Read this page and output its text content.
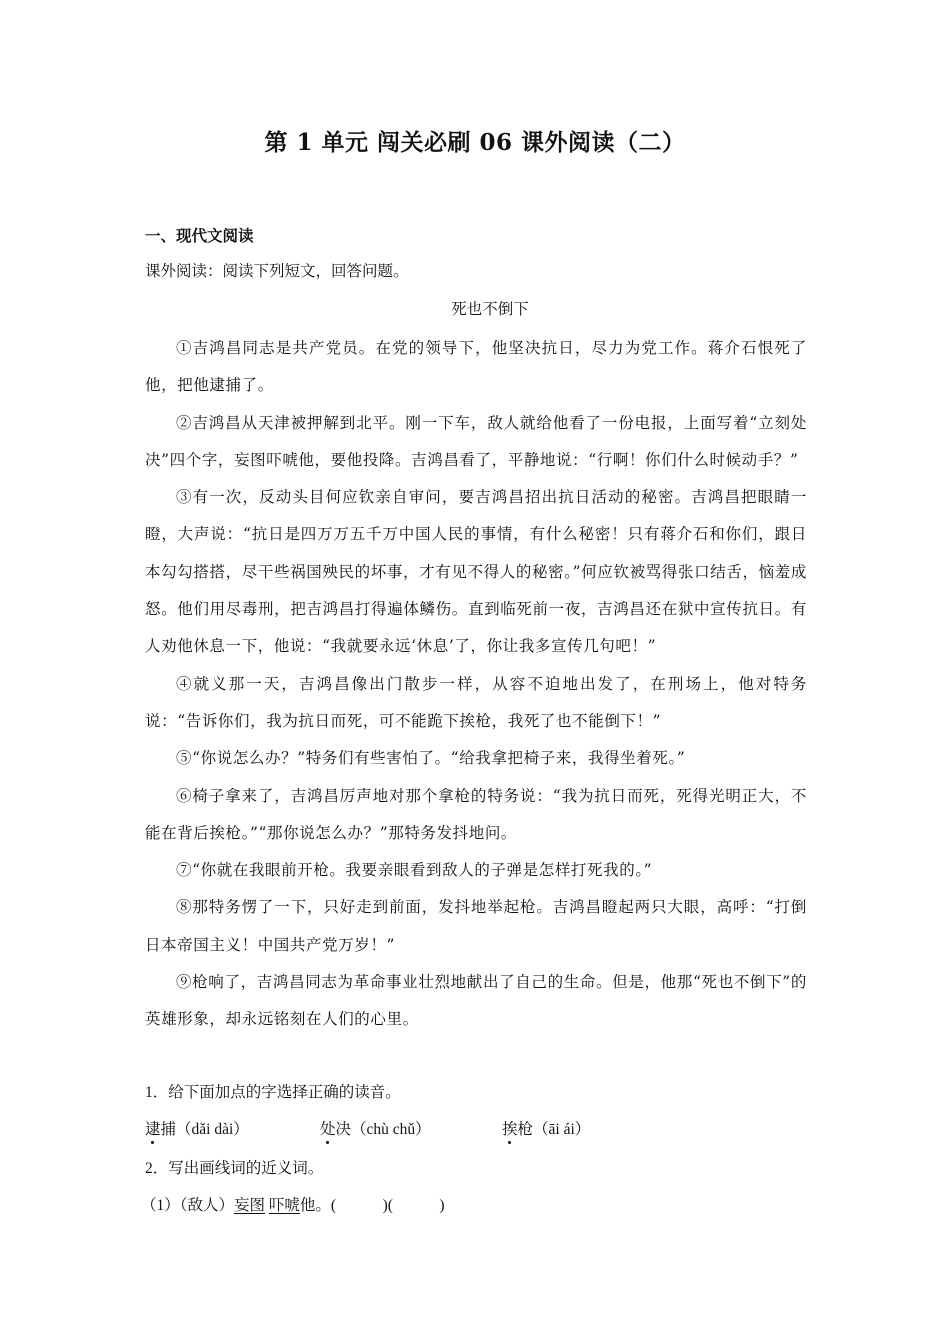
第 1 单元 闯关必刷 06 课外阅读（二）
一、现代文阅读
课外阅读：阅读下列短文，回答问题。
死也不倒下

①吉鸿昌同志是共产党员。在党的领导下，他坚决抗日，尽力为党工作。蒋介石恨死了他，把他逮捕了。

②吉鸿昌从天津被押解到北平。刚一下车，敌人就给他看了一份电报，上面写着“立刻处决”四个字，妄图吓唬他，要他投降。吉鸿昌看了，平静地说：“行啊！你们什么时候动手？”

③有一次，反动头目何应钦亲自审问，要吉鸿昌招出抗日活动的秘密。吉鸿昌把眼睛一瞪，大声说：“抗日是四万万五千万中国人民的事情，有什么秘密！只有蒋介石和你们，跟日本勾勾搭搭，尽干些祸国殃民的坏事，才有见不得人的秘密。”何应钦被骂得张口结舌，恼羞成怒。他们用尽毒刑，把吉鸿昌打得遍体鳞伤。直到临死前一夜，吉鸿昌还在狱中宣传抗日。有人劝他休息一下，他说：“我就要永远‘休息’了，你让我多宣传几句吧！”

④就义那一天，吉鸿昌像出门散步一样，从容不迫地出发了，在刑场上，他对特务说：“告诉你们，我为抗日而死，可不能跪下挨枪，我死了也不能倒下！”

⑤“你说怎么办？”特务们有些害怕了。“给我拿把椅子来，我得坐着死。”

⑥椅子拿来了，吉鸿昌厉声地对那个拿枪的特务说：“我为抗日而死，死得光明正大，不能在背后挨枪。”“那你说怎么办？”那特务发抖地问。

⑦“你就在我眼前开枪。我要亲眼看到敌人的子弹是怎样打死我的。”

⑧那特务愣了一下，只好走到前面，发抖地举起枪。吉鸿昌瞪起两只大眼，高呼：“打倒日本帝国主义！中国共产党万岁！”

⑨枪响了，吉鸿昌同志为革命事业壮烈地献出了自己的生命。但是，他那“死也不倒下”的英雄形象，却永远铭刻在人们的心里。

1．给下面加点的字选择正确的读音。
逮捕（dǎi dài）	处决（chù chǔ）	挨枪（āi ái）
2．写出画线词的近义词。
（1）（敌人）妄图 吓唬他。(            )(            )
